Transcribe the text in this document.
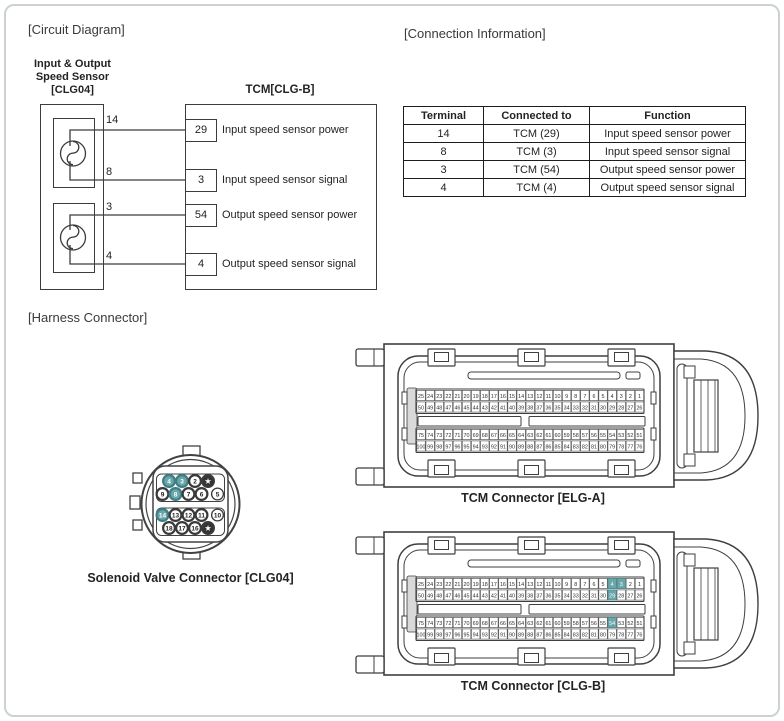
[Circuit Diagram]	[Connection Information]
[Harness Connector]
Input & Output
Speed Sensor
[CLG04]	TCM[CLG-B]
14
8
3
4
29
3
54
4
Input speed sensor power
Input speed sensor signal
Output speed sensor power
Output speed sensor signal
Terminal	Connected to	Function
14	TCM (29)	Input speed sensor power
8	TCM (3)	Input speed sensor signal
3	TCM (54)	Output speed sensor power
4	TCM (4)	Output speed sensor signal
4 3 2 ★
9 8 7 6 5
14 13 12 11 10
18 17 16 ★
Solenoid Valve Connector [CLG04]
25 24 23 22 21 20 19 18 17 16 15 14 13 12 11 10 9 8 7 6 5 4 3 2 1
50 49 48 47 46 45 44 43 42 41 40 39 38 37 36 35 34 33 32 31 30 29 28 27 26
75 74 73 72 71 70 69 68 67 66 65 64 63 62 61 60 59 58 57 56 55 54 53 52 51
100 99 98 97 96 95 94 93 92 91 90 89 88 87 86 85 84 83 82 81 80 79 78 77 76
25 24 23 22 21 20 19 18 17 16 15 14 13 12 11 10 9 8 7 6 5 4 3 2 1
50 49 48 47 46 45 44 43 42 41 40 39 38 37 36 35 34 33 32 31 30 29 28 27 26
75 74 73 72 71 70 69 68 67 66 65 64 63 62 61 60 59 58 57 56 55 54 53 52 51
100 99 98 97 96 95 94 93 92 91 90 89 88 87 86 85 84 83 82 81 80 79 78 77 76
TCM Connector [ELG-A]
TCM Connector [CLG-B]
